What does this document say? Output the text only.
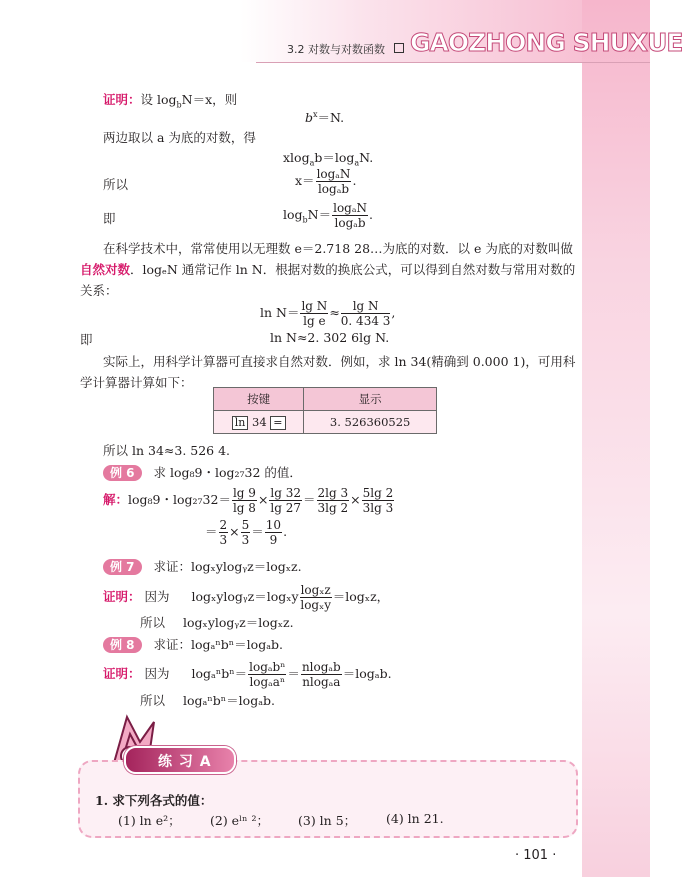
3.2 对数与对数函数 GAOZHONG SHUXUE
证明：设 $\log_bN=x$，则
$b^x=N$.
两边取以 a 为底的对数，得
$xlog_ab=\log_aN$.
所以	$x= \frac{\text{logₐN}}{\text{logₐb}}$ .
即	$\log_bN= \frac{\text{logₐN}}{\text{logₐb}}$ .
在科学技术中，常常使用以无理数 e＝2.718 28…为底的对数．以 e 为底的对数叫做
自然对数．logₑN 通常记作 ln N．根据对数的换底公式，可以得到自然对数与常用对数的
关系：
$\ln N= \frac{\text{lg N}}{\text{lg e}} \approx \frac{\text{lg N}}{0. 434 3}$ ,
即	ln N≈2. 302 6lg N.
实际上，用科学计算器可直接求自然对数．例如，求 ln 34(精确到 0.000 1)，可用科
学计算器计算如下：
按键	显示
ln 34 =	3. 526360525
所以 ln 34≈3. 526 4.
例 6 求 log₈9・log₂₇32 的值．
解：log₈9・$\log_{27}32= \frac{\lg 9}{\lg 8} \times \frac{\lg 32}{\lg 27} = \frac{2\lg 3}{3\lg 2} \times \frac{5\lg 2}{3\lg 3}$
＝ $\frac{2}{3} \times \frac{5}{3} = \frac{10}{9}$ .
例 7 求证：logₓylogᵧz＝logₓz.
证明： 因为 logₓylogᵧz＝logₓy $\frac{\text{logₓz}}{\text{logₓy}} =\log_xz$，
所以 logₓylogᵧz＝logₓz.
例 8 求证：logₐⁿbⁿ＝logₐb.
证明： 因为 $\log_a^nb^n= \frac{\text{logₐbⁿ}}{\text{logₐaⁿ}} = \frac{\text{nlogₐb}}{\text{nlogₐa}} =\log_ab$.
所以 logₐⁿbⁿ＝logₐb.
练 习 A
1. 求下列各式的值：
(1) ln e²； (2) eˡⁿ ²； (3) ln 5； (4) ln 21.
· 101 ·
